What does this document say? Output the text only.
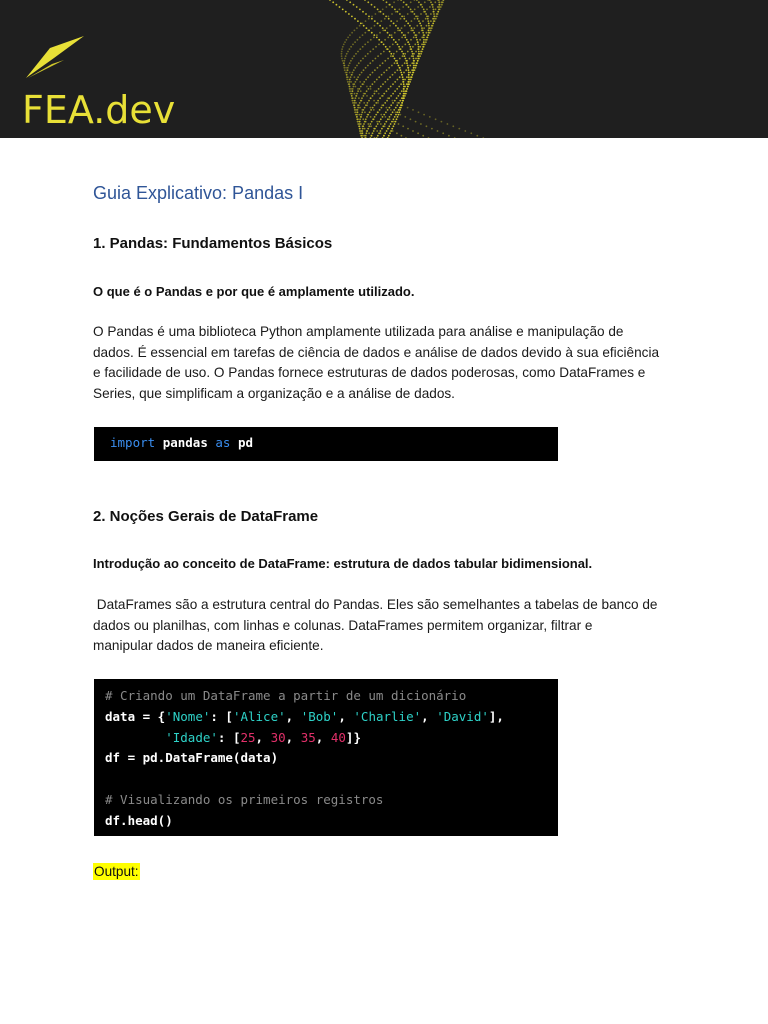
FEA.dev
Guia Explicativo: Pandas I
1. Pandas: Fundamentos Básicos

O que é o Pandas e por que é amplamente utilizado.

O Pandas é uma biblioteca Python amplamente utilizada para análise e manipulação de
dados. É essencial em tarefas de ciência de dados e análise de dados devido à sua eficiência
e facilidade de uso. O Pandas fornece estruturas de dados poderosas, como DataFrames e
Series, que simplificam a organização e a análise de dados.
import pandas as pd
2. Noções Gerais de DataFrame

Introdução ao conceito de DataFrame: estrutura de dados tabular bidimensional.

DataFrames são a estrutura central do Pandas. Eles são semelhantes a tabelas de banco de
dados ou planilhas, com linhas e colunas. DataFrames permitem organizar, filtrar e
manipular dados de maneira eficiente.
# Criando um DataFrame a partir de um dicionário
data = {'Nome': ['Alice', 'Bob', 'Charlie', 'David'],
'Idade': [25, 30, 35, 40]}
df = pd.DataFrame(data)
# Visualizando os primeiros registros
df.head()
Output:
